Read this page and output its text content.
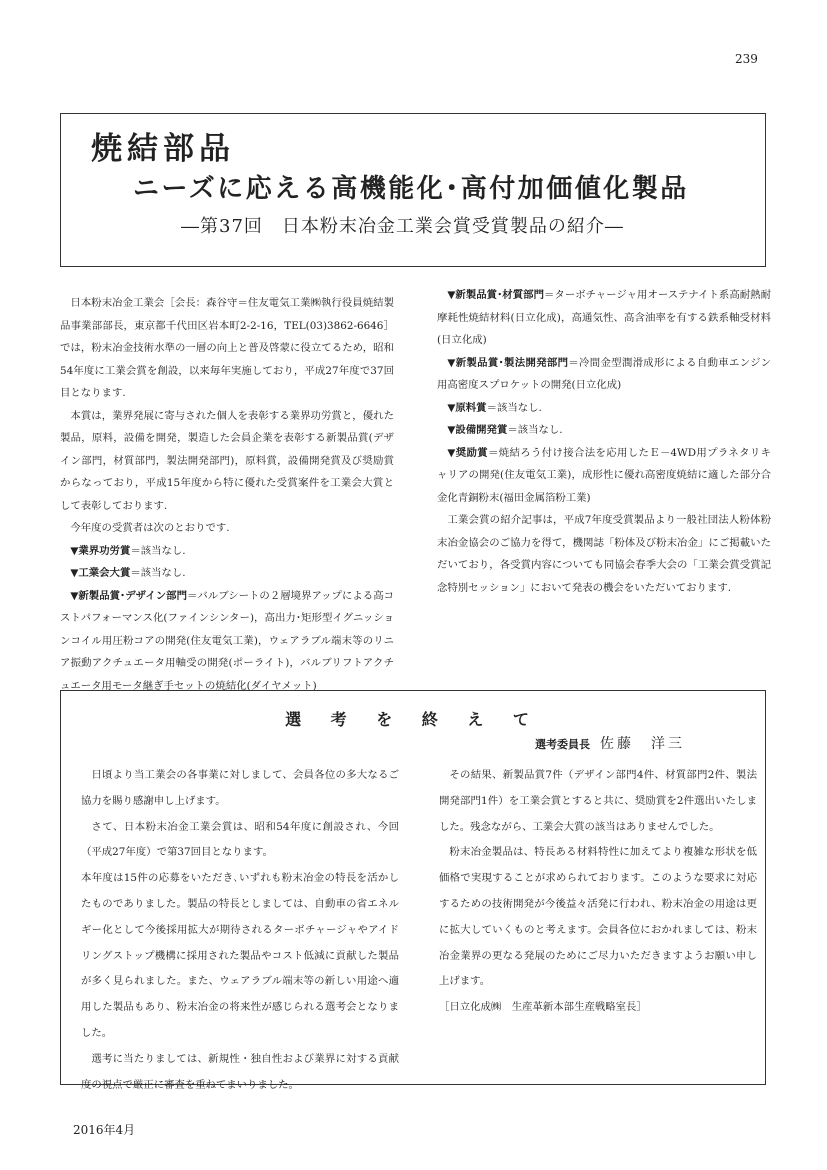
239
焼結部品
ニーズに応える高機能化･高付加価値化製品
―第37回　日本粉末冶金工業会賞受賞製品の紹介―

日本粉末冶金工業会［会長：森谷守＝住友電気工業㈱執行役員焼結製品事業部部長，東京都千代田区岩本町2-2-16，TEL(03)3862-6646］では，粉末冶金技術水準の一層の向上と普及啓蒙に役立てるため，昭和54年度に工業会賞を創設，以来毎年実施しており，平成27年度で37回目となります.

本賞は，業界発展に寄与された個人を表彰する業界功労賞と，優れた製品，原料，設備を開発，製造した会員企業を表彰する新製品賞(デザイン部門，材質部門，製法開発部門)，原料賞，設備開発賞及び奨励賞からなっており，平成15年度から特に優れた受賞案件を工業会大賞として表彰しております.

今年度の受賞者は次のとおりです.

▼業界功労賞＝該当なし.

▼工業会大賞＝該当なし.

▼新製品賞･デザイン部門＝バルブシートの２層境界アップによる高コストパフォーマンス化(ファインシンター)，高出力･矩形型イグニッションコイル用圧粉コアの開発(住友電気工業)，ウェアラブル端末等のリニア振動アクチュエータ用軸受の開発(ポーライト)，バルブリフトアクチュエータ用モータ継ぎ手セットの焼結化(ダイヤメット)

▼新製品賞･材質部門＝ターボチャージャ用オーステナイト系高耐熱耐摩耗性焼結材料(日立化成)，高通気性、高含油率を有する鉄系軸受材料(日立化成)

▼新製品賞･製法開発部門＝冷間金型潤滑成形による自動車エンジン用高密度スプロケットの開発(日立化成)

▼原料賞＝該当なし.

▼設備開発賞＝該当なし.

▼奨励賞＝焼結ろう付け接合法を応用したＥ－4WD用プラネタリキャリアの開発(住友電気工業)，成形性に優れ高密度焼結に適した部分合金化青銅粉末(福田金属箔粉工業)

工業会賞の紹介記事は，平成7年度受賞製品より一般社団法人粉体粉末冶金協会のご協力を得て，機関誌「粉体及び粉末冶金」にご掲載いただいており，各受賞内容についても同協会春季大会の「工業会賞受賞記念特別セッション」において発表の機会をいただいております.

選 考 を 終 え て
選考委員長 佐藤　洋三

日頃より当工業会の各事業に対しまして、会員各位の多大なるご協力を賜り感謝申し上げます。

さて、日本粉末冶金工業会賞は、昭和54年度に創設され、今回（平成27年度）で第37回目となります。

本年度は15件の応募をいただき､いずれも粉末冶金の特長を活かしたものでありました。製品の特長としましては、自動車の省エネルギー化として今後採用拡大が期待されるターボチャージャやアイドリングストップ機構に採用された製品やコスト低減に貢献した製品が多く見られました。また、ウェアラブル端末等の新しい用途へ適用した製品もあり、粉末冶金の将来性が感じられる選考会となりました。

選考に当たりましては、新規性・独自性および業界に対する貢献度の視点で厳正に審査を重ねてまいりました。

その結果、新製品賞7件（デザイン部門4件、材質部門2件、製法開発部門1件）を工業会賞とすると共に、奨励賞を2件選出いたしました。残念ながら、工業会大賞の該当はありませんでした。

粉末冶金製品は、特長ある材料特性に加えてより複雑な形状を低価格で実現することが求められております。このような要求に対応するための技術開発が今後益々活発に行われ、粉末冶金の用途は更に拡大していくものと考えます。会員各位におかれましては、粉末冶金業界の更なる発展のためにご尽力いただきますようお願い申し上げます。

［日立化成㈱　生産革新本部生産戦略室長］

2016年4月
